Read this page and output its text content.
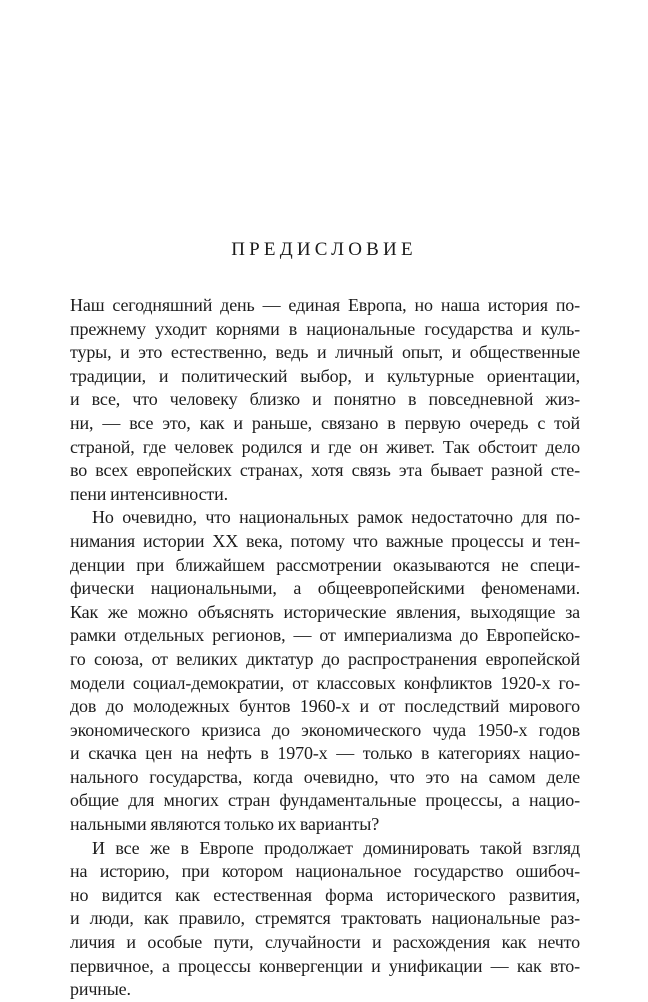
ПРЕДИСЛОВИЕ
Наш сегодняшний день — единая Европа, но наша история по-
прежнему уходит корнями в национальные государства и куль-
туры, и это естественно, ведь и личный опыт, и общественные
традиции, и политический выбор, и культурные ориентации,
и все, что человеку близко и понятно в повседневной жиз-
ни, — все это, как и раньше, связано в первую очередь с той
страной, где человек родился и где он живет. Так обстоит дело
во всех европейских странах, хотя связь эта бывает разной сте-
пени интенсивности.
Но очевидно, что национальных рамок недостаточно для по-
нимания истории XX века, потому что важные процессы и тен-
денции при ближайшем рассмотрении оказываются не специ-
фически национальными, а общеевропейскими феноменами.
Как же можно объяснять исторические явления, выходящие за
рамки отдельных регионов, — от империализма до Европейско-
го союза, от великих диктатур до распространения европейской
модели социал-демократии, от классовых конфликтов 1920-х го-
дов до молодежных бунтов 1960-х и от последствий мирового
экономического кризиса до экономического чуда 1950-х годов
и скачка цен на нефть в 1970-х — только в категориях нацио-
нального государства, когда очевидно, что это на самом деле
общие для многих стран фундаментальные процессы, а нацио-
нальными являются только их варианты?
И все же в Европе продолжает доминировать такой взгляд
на историю, при котором национальное государство ошибоч-
но видится как естественная форма исторического развития,
и люди, как правило, стремятся трактовать национальные раз-
личия и особые пути, случайности и расхождения как нечто
первичное, а процессы конвергенции и унификации — как вто-
ричные.
